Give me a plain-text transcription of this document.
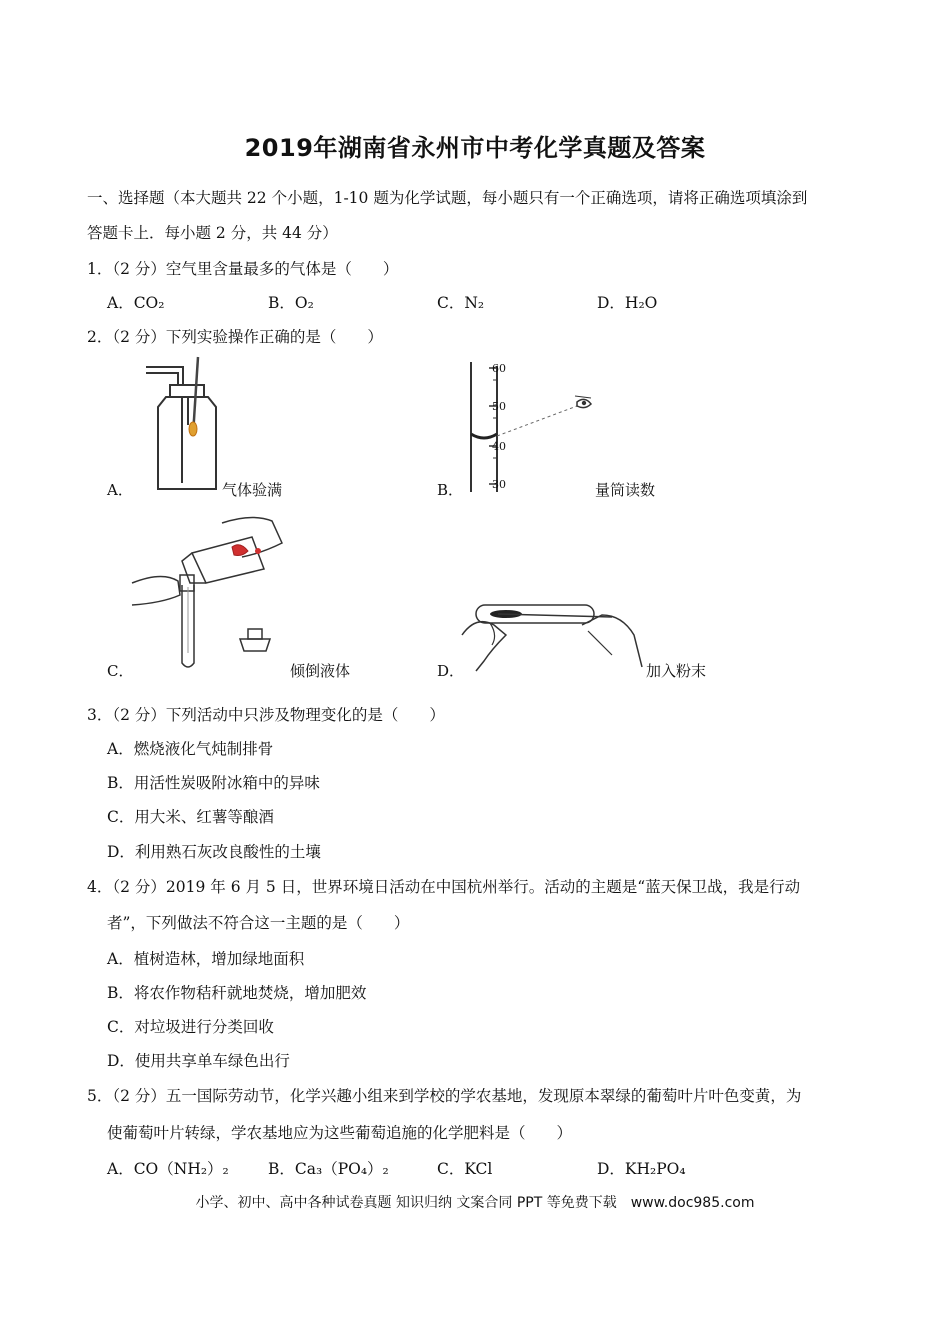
2019年湖南省永州市中考化学真题及答案
一、选择题（本大题共 22 个小题，1-10 题为化学试题，每小题只有一个正确选项，请将正确选项填涂到
答题卡上．每小题 2 分，共 44 分）
1．（2 分）空气里含量最多的气体是（　　）
A．CO₂	B．O₂	C．N₂	D．H₂O
2．（2 分）下列实验操作正确的是（　　）
A．	气体验满
60
50
40
30
B．	量筒读数
C．	倾倒液体	D．	加入粉末
3．（2 分）下列活动中只涉及物理变化的是（　　）
A．燃烧液化气炖制排骨
B．用活性炭吸附冰箱中的异味
C．用大米、红薯等酿酒
D．利用熟石灰改良酸性的土壤
4．（2 分）2019 年 6 月 5 日，世界环境日活动在中国杭州举行。活动的主题是“蓝天保卫战，我是行动
者”，下列做法不符合这一主题的是（　　）
A．植树造林，增加绿地面积
B．将农作物秸秆就地焚烧，增加肥效
C．对垃圾进行分类回收
D．使用共享单车绿色出行
5．（2 分）五一国际劳动节，化学兴趣小组来到学校的学农基地，发现原本翠绿的葡萄叶片叶色变黄，为
使葡萄叶片转绿，学农基地应为这些葡萄追施的化学肥料是（　　）
A．CO（NH₂）₂	B．Ca₃（PO₄）₂	C．KCl	D．KH₂PO₄
小学、初中、高中各种试卷真题 知识归纳 文案合同 PPT 等免费下载　www.doc985.com
